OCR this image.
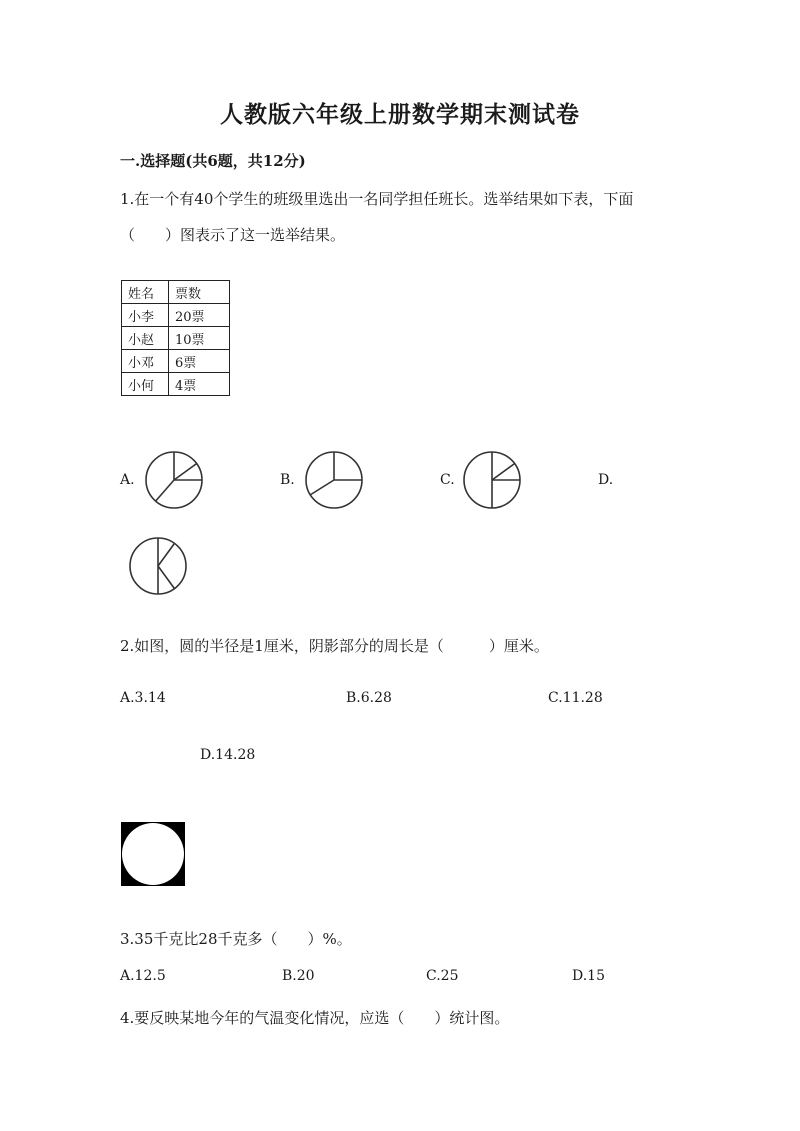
人教版六年级上册数学期末测试卷
一.选择题(共6题，共12分)
1.在一个有40个学生的班级里选出一名同学担任班长。选举结果如下表，下面
（　　）图表示了这一选举结果。
姓名	票数
小李	20票
小赵	10票
小邓	6票
小何	4票
A.	B.	C.	D.
2.如图，圆的半径是1厘米，阴影部分的周长是（　　　）厘米。
A.3.14	B.6.28	C.11.28
D.14.28
3.35千克比28千克多（　　）%。
A.12.5	B.20	C.25	D.15
4.要反映某地今年的气温变化情况，应选（　　）统计图。
